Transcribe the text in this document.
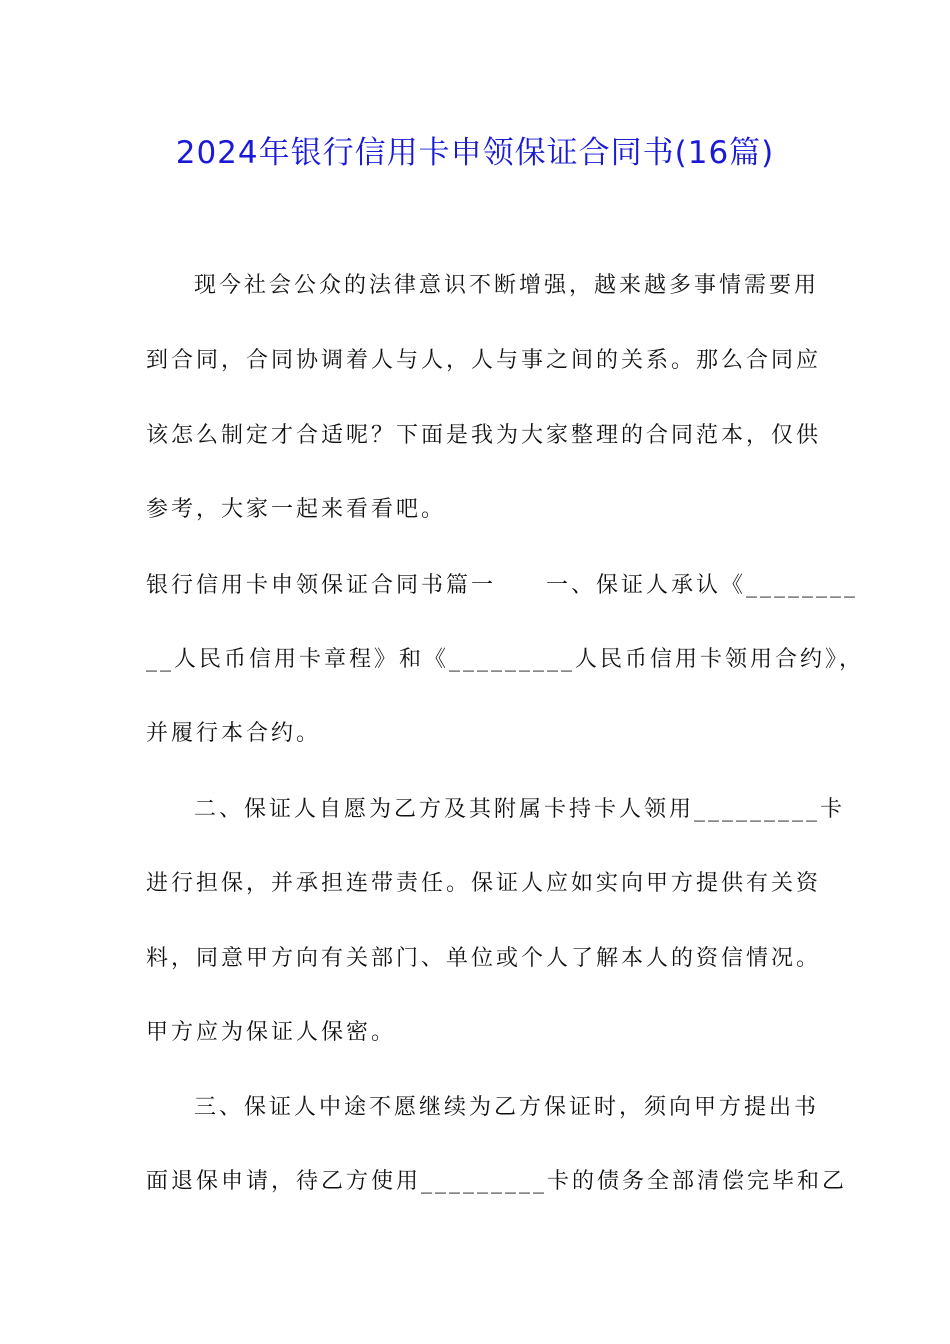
2024年银行信用卡申领保证合同书(16篇)
现今社会公众的法律意识不断增强，越来越多事情需要用
到合同，合同协调着人与人，人与事之间的关系。那么合同应
该怎么制定才合适呢？下面是我为大家整理的合同范本，仅供
参考，大家一起来看看吧。
银行信用卡申领保证合同书篇一　　一、保证人承认《________
__人民币信用卡章程》和《_________人民币信用卡领用合约》，
并履行本合约。
二、保证人自愿为乙方及其附属卡持卡人领用_________卡
进行担保，并承担连带责任。保证人应如实向甲方提供有关资
料，同意甲方向有关部门、单位或个人了解本人的资信情况。
甲方应为保证人保密。
三、保证人中途不愿继续为乙方保证时，须向甲方提出书
面退保申请，待乙方使用_________卡的债务全部清偿完毕和乙
